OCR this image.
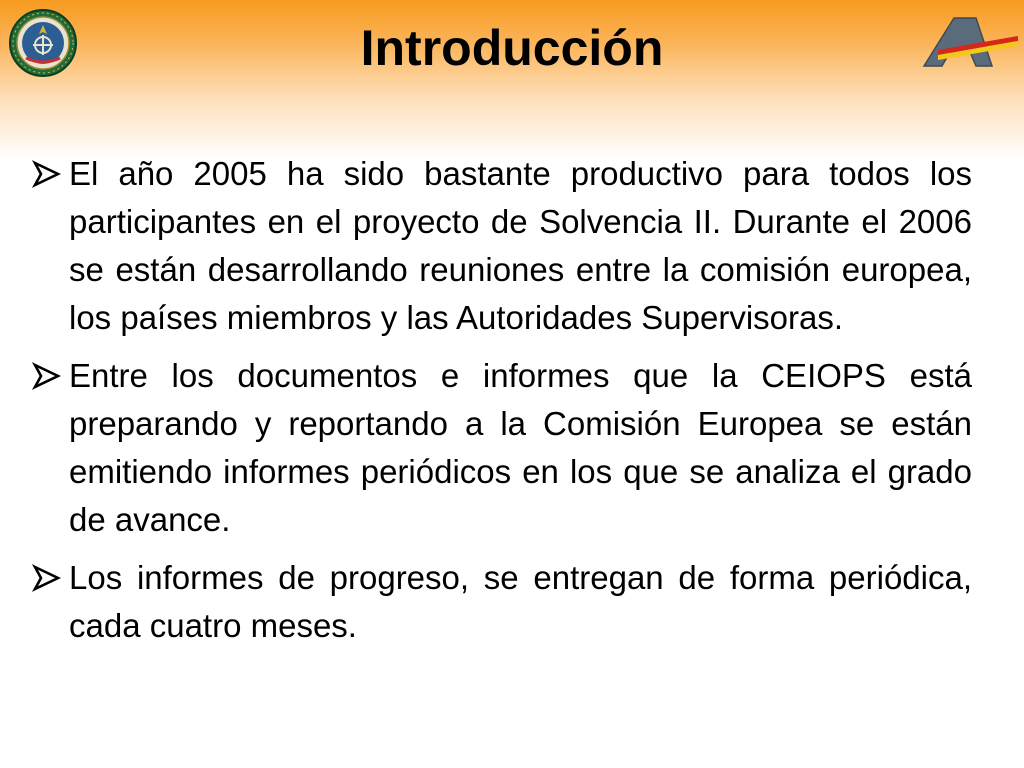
Introducción

El año 2005 ha sido bastante productivo para todos los participantes en el proyecto de Solvencia II. Durante el 2006 se están desarrollando reuniones entre la comisión europea, los países miembros y las Autoridades Supervisoras.

Entre los documentos e informes que la CEIOPS está preparando y reportando a la Comisión Europea se están emitiendo informes periódicos en los que se analiza el grado de avance.

Los informes de progreso, se entregan de forma periódica, cada cuatro meses.
